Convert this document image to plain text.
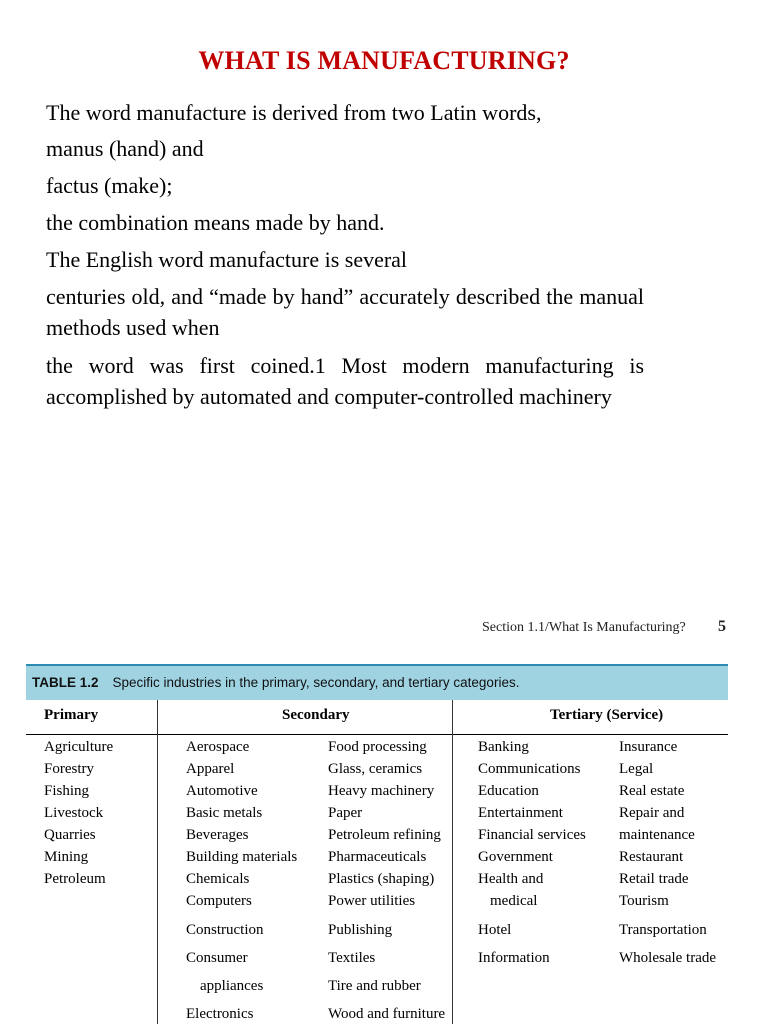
WHAT IS MANUFACTURING?
The word manufacture is derived from two Latin words,
manus (hand) and
factus (make);
the combination means made by hand.
The English word manufacture is several
centuries old, and “made by hand” accurately described the manual methods used when
the word was first coined.1 Most modern manufacturing is accomplished by automated and computer-controlled machinery
Section 1.1/What Is Manufacturing? 5
TABLE 1.2 Specific industries in the primary, secondary, and tertiary categories.
Primary	Secondary	Tertiary (Service)
Agriculture
Forestry
Fishing
Livestock
Quarries
Mining
Petroleum
Aerospace
Apparel
Automotive
Basic metals
Beverages
Building materials
Chemicals
Computers
Construction
Consumer
appliances
Electronics
Food processing
Glass, ceramics
Heavy machinery
Paper
Petroleum refining
Pharmaceuticals
Plastics (shaping)
Power utilities
Publishing
Textiles
Tire and rubber
Wood and furniture
Banking
Communications
Education
Entertainment
Financial services
Government
Health and
medical
Hotel
Information
Insurance
Legal
Real estate
Repair and
maintenance
Restaurant
Retail trade
Tourism
Transportation
Wholesale trade
